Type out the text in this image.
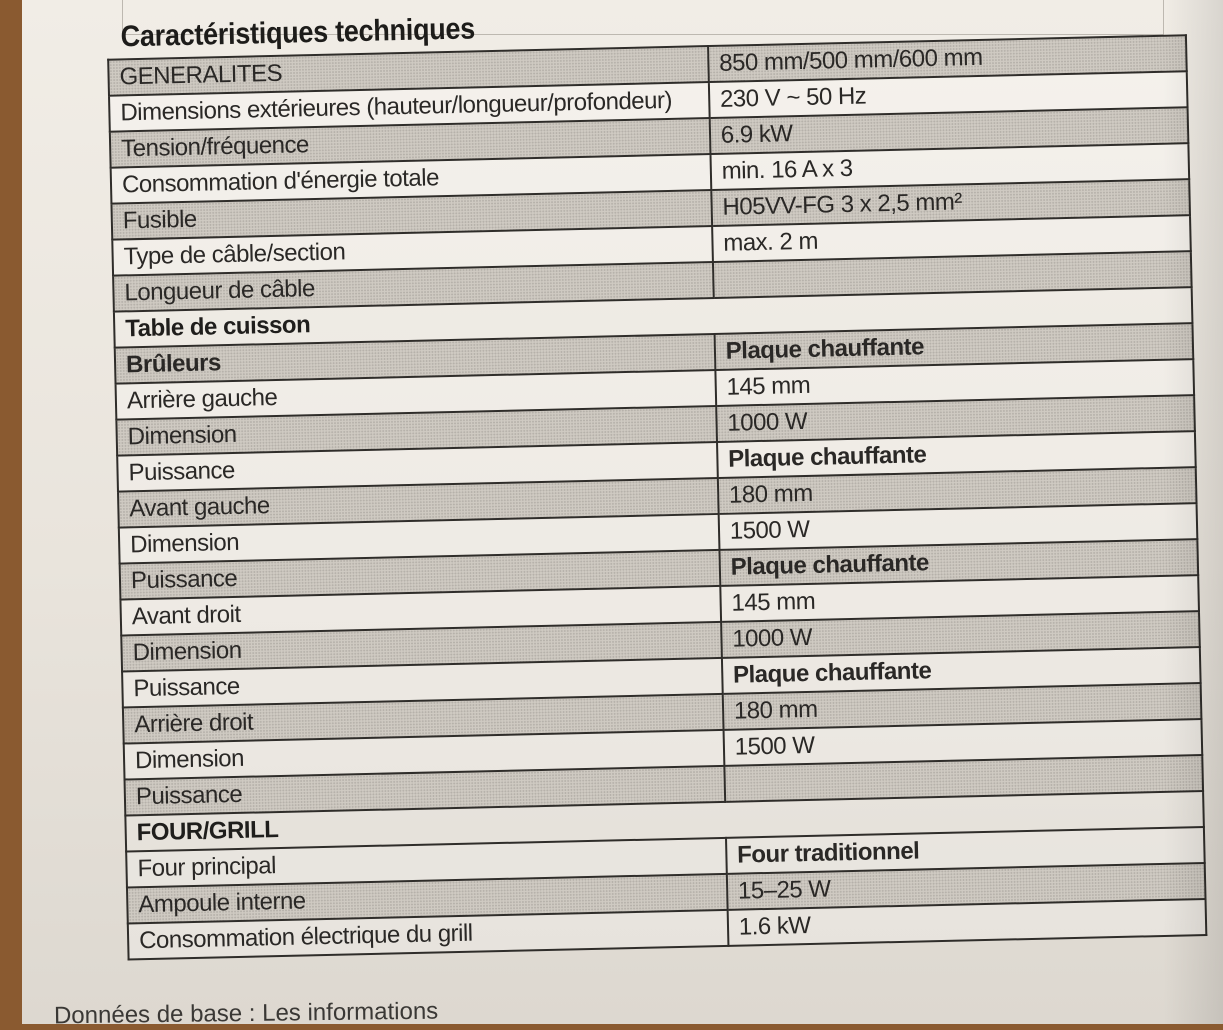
Caractéristiques techniques
GENERALITES	850 mm/500 mm/600 mm
Dimensions extérieures (hauteur/longueur/profondeur)	230 V ~ 50 Hz
Tension/fréquence	6.9 kW
Consommation d'énergie totale	min. 16 A x 3
Fusible	H05VV-FG 3 x 2,5 mm²
Type de câble/section	max. 2 m
Longueur de câble	
Table de cuisson	
Brûleurs	Plaque chauffante
Arrière gauche	145 mm
Dimension	1000 W
Puissance	Plaque chauffante
Avant gauche	180 mm
Dimension	1500 W
Puissance	Plaque chauffante
Avant droit	145 mm
Dimension	1000 W
Puissance	Plaque chauffante
Arrière droit	180 mm
Dimension	1500 W
Puissance	
FOUR/GRILL	
Four principal	Four traditionnel
Ampoule interne	15–25 W
Consommation électrique du grill	1.6 kW
Données de base : Les informations
